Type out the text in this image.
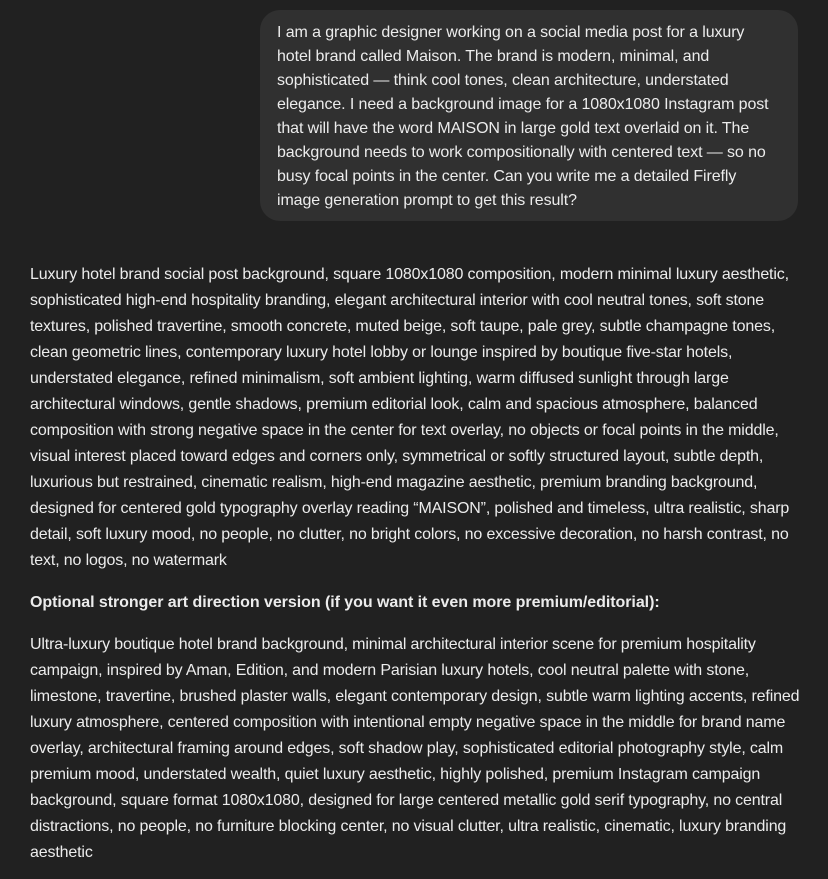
I am a graphic designer working on a social media post for a luxury hotel brand called Maison. The brand is modern, minimal, and sophisticated — think cool tones, clean architecture, understated elegance. I need a background image for a 1080x1080 Instagram post that will have the word MAISON in large gold text overlaid on it. The background needs to work compositionally with centered text — so no busy focal points in the center. Can you write me a detailed Firefly image generation prompt to get this result?

Luxury hotel brand social post background, square 1080x1080 composition, modern minimal luxury aesthetic, sophisticated high-end hospitality branding, elegant architectural interior with cool neutral tones, soft stone textures, polished travertine, smooth concrete, muted beige, soft taupe, pale grey, subtle champagne tones, clean geometric lines, contemporary luxury hotel lobby or lounge inspired by boutique five-star hotels, understated elegance, refined minimalism, soft ambient lighting, warm diffused sunlight through large architectural windows, gentle shadows, premium editorial look, calm and spacious atmosphere, balanced composition with strong negative space in the center for text overlay, no objects or focal points in the middle, visual interest placed toward edges and corners only, symmetrical or softly structured layout, subtle depth, luxurious but restrained, cinematic realism, high-end magazine aesthetic, premium branding background, designed for centered gold typography overlay reading “MAISON”, polished and timeless, ultra realistic, sharp detail, soft luxury mood, no people, no clutter, no bright colors, no excessive decoration, no harsh contrast, no text, no logos, no watermark

Optional stronger art direction version (if you want it even more premium/editorial):

Ultra-luxury boutique hotel brand background, minimal architectural interior scene for premium hospitality campaign, inspired by Aman, Edition, and modern Parisian luxury hotels, cool neutral palette with stone, limestone, travertine, brushed plaster walls, elegant contemporary design, subtle warm lighting accents, refined luxury atmosphere, centered composition with intentional empty negative space in the middle for brand name overlay, architectural framing around edges, soft shadow play, sophisticated editorial photography style, calm premium mood, understated wealth, quiet luxury aesthetic, highly polished, premium Instagram campaign background, square format 1080x1080, designed for large centered metallic gold serif typography, no central distractions, no people, no furniture blocking center, no visual clutter, ultra realistic, cinematic, luxury branding aesthetic
